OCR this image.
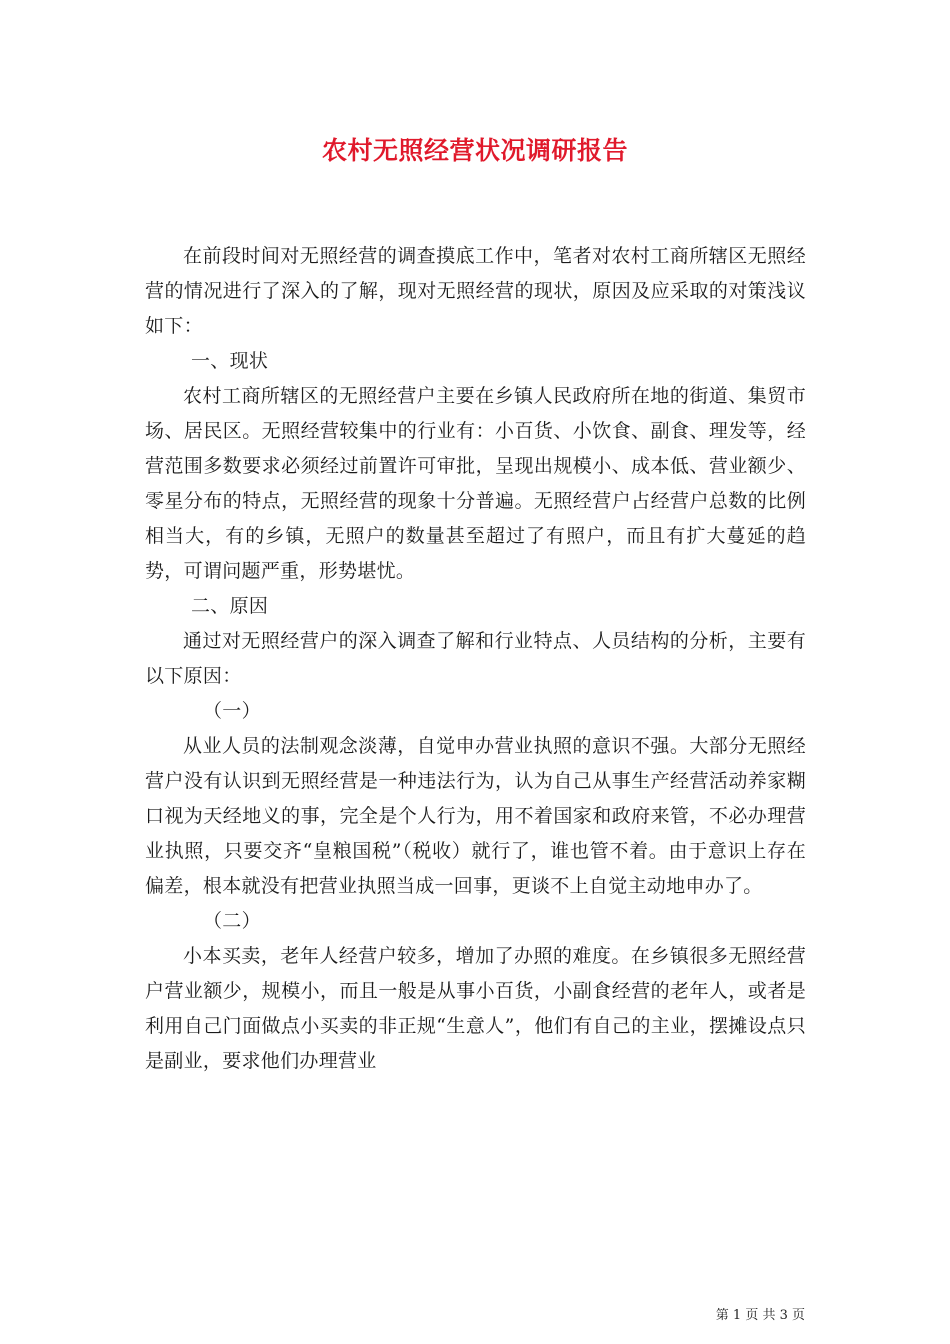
农村无照经营状况调研报告

在前段时间对无照经营的调查摸底工作中，笔者对农村工商所辖区无照经营的情况进行了深入的了解，现对无照经营的现状，原因及应采取的对策浅议如下：

一、现状

农村工商所辖区的无照经营户主要在乡镇人民政府所在地的街道、集贸市场、居民区。无照经营较集中的行业有：小百货、小饮食、副食、理发等，经营范围多数要求必须经过前置许可审批，呈现出规模小、成本低、营业额少、零星分布的特点，无照经营的现象十分普遍。无照经营户占经营户总数的比例相当大，有的乡镇，无照户的数量甚至超过了有照户，而且有扩大蔓延的趋势，可谓问题严重，形势堪忧。

二、原因

通过对无照经营户的深入调查了解和行业特点、人员结构的分析，主要有以下原因：

（一）

从业人员的法制观念淡薄，自觉申办营业执照的意识不强。大部分无照经营户没有认识到无照经营是一种违法行为，认为自己从事生产经营活动养家糊口视为天经地义的事，完全是个人行为，用不着国家和政府来管，不必办理营业执照，只要交齐“皇粮国税”（税收）就行了，谁也管不着。由于意识上存在偏差，根本就没有把营业执照当成一回事，更谈不上自觉主动地申办了。

（二）

小本买卖，老年人经营户较多，增加了办照的难度。在乡镇很多无照经营户营业额少，规模小，而且一般是从事小百货，小副食经营的老年人，或者是利用自己门面做点小买卖的非正规“生意人”，他们有自己的主业，摆摊设点只是副业，要求他们办理营业

第 1 页 共 3 页
